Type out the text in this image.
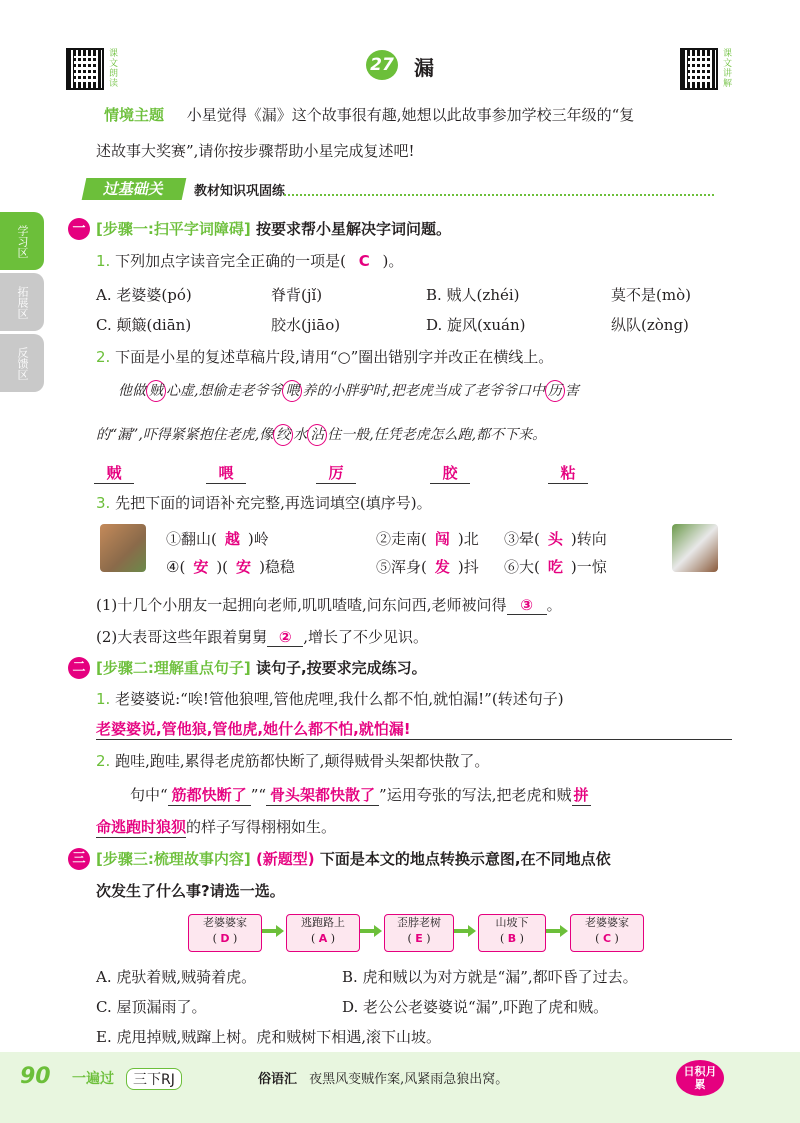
课文朗读	27 漏	课文讲解
情境主题 小星觉得《漏》这个故事很有趣,她想以此故事参加学校三年级的“复
述故事大奖赛”,请你按步骤帮助小星完成复述吧!
过基础关	教材知识巩固练
学习区
拓展区
反馈区
一 [步骤一:扫平字词障碍] 按要求帮小星解决字词问题。
1. 下列加点字读音完全正确的一项是( C )。
A. 老婆婆(pó)	脊背(jǐ)	B. 贼人(zhéi)	莫不是(mò)
C. 颠簸(diān)	胶水(jiāo)	D. 旋风(xuán)	纵队(zòng)
2. 下面是小星的复述草稿片段,请用“○”圈出错别字并改正在横线上。
他做 贼 心虚,想偷走老爷爷 喂 养的小胖驴时,把老虎当成了老爷爷口中 历 害
的“漏”,吓得紧紧抱住老虎,像 绞 水 沾 住一般,任凭老虎怎么跑,都不下来。
贼	喂	厉	胶	粘
3. 先把下面的词语补充完整,再选词填空(填序号)。
①翻山( 越 )岭	②走南( 闯 )北 ③晕( 头 )转向
④( 安 )( 安 )稳稳	⑤浑身( 发 )抖 ⑥大( 吃 )一惊
(1)十几个小朋友一起拥向老师,叽叽喳喳,问东问西,老师被问得 ③ 。
(2)大表哥这些年跟着舅舅 ② ,增长了不少见识。
二 [步骤二:理解重点句子] 读句子,按要求完成练习。
1. 老婆婆说:“唉!管他狼哩,管他虎哩,我什么都不怕,就怕漏!”(转述句子)
老婆婆说,管他狼,管他虎,她什么都不怕,就怕漏!
2. 跑哇,跑哇,累得老虎筋都快断了,颠得贼骨头架都快散了。
句中“ 筋都快断了 ”“ 骨头架都快散了 ”运用夸张的写法,把老虎和贼 拼
命逃跑时狼狈的样子写得栩栩如生。
三 [步骤三:梳理故事内容] (新题型) 下面是本文的地点转换示意图,在不同地点依
次发生了什么事?请选一选。
老婆婆家
( D )
逃跑路上
( A )
歪脖老树
( E )
山坡下
( B )
老婆婆家
( C )
A. 虎驮着贼,贼骑着虎。	B. 虎和贼以为对方就是“漏”,都吓昏了过去。
C. 屋顶漏雨了。	D. 老公公老婆婆说“漏”,吓跑了虎和贼。
E. 虎甩掉贼,贼蹿上树。虎和贼树下相遇,滚下山坡。
90 一遍过	三下RJ	俗语汇 夜黑风变贼作案,风紧雨急狼出窝。
日积月累
